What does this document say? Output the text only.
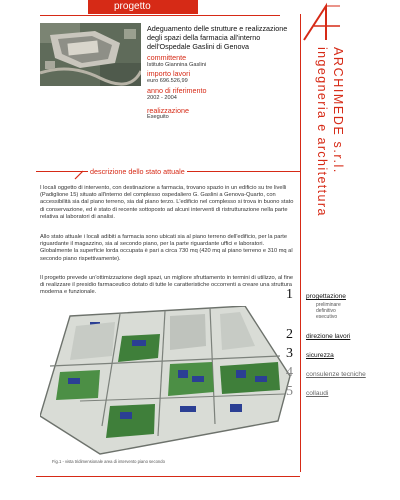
progetto
Adeguamento delle strutture e realizzazione degli spazi della farmacia all'interno dell'Ospedale Gaslini di Genova
committente
Istituto Giannina Gaslini
importo lavori
euro 696.526,99
anno di riferimento
2002 - 2004
realizzazione
Eseguito	ARCHIMEDE s.r.l.
ingegneria e architettura
descrizione dello stato attuale
I locali oggetto di intervento, con destinazione a farmacia, trovano spazio in un edificio su tre livelli (Padiglione 15) situato all'interno del complesso ospedaliero G. Gaslini a Genova-Quarto, con accessibilità sia dal piano terreno, sia dal piano terzo. L'edificio nel complesso si trova in buono stato di conservazione, ed è stato di recente sottoposto ad alcuni interventi di ristrutturazione nella parte relativa ai laboratori di analisi.
Allo stato attuale i locali adibiti a farmacia sono ubicati sia al piano terreno dell'edificio, per la parte riguardante il magazzino, sia al secondo piano, per la parte riguardante uffici e laboratori. Globalmente la superficie lorda occupata è pari a circa 730 mq (420 mq al piano terreno e 310 mq al secondo piano rispettivamente).
Il progetto prevede un'ottimizzazione degli spazi, un migliore sfruttamento in termini di utilizzo, al fine di realizzare il presidio farmaceutico dotato di tutte le caratteristiche occorrenti a creare una struttura moderna e funzionale.
Fig.1 - vista tridimensionale area di intervento piano secondo
1 progettazione
preliminare
definitivo
esecutivo
2 direzione lavori
3 sicurezza
4 consulenze tecniche
5 collaudi
